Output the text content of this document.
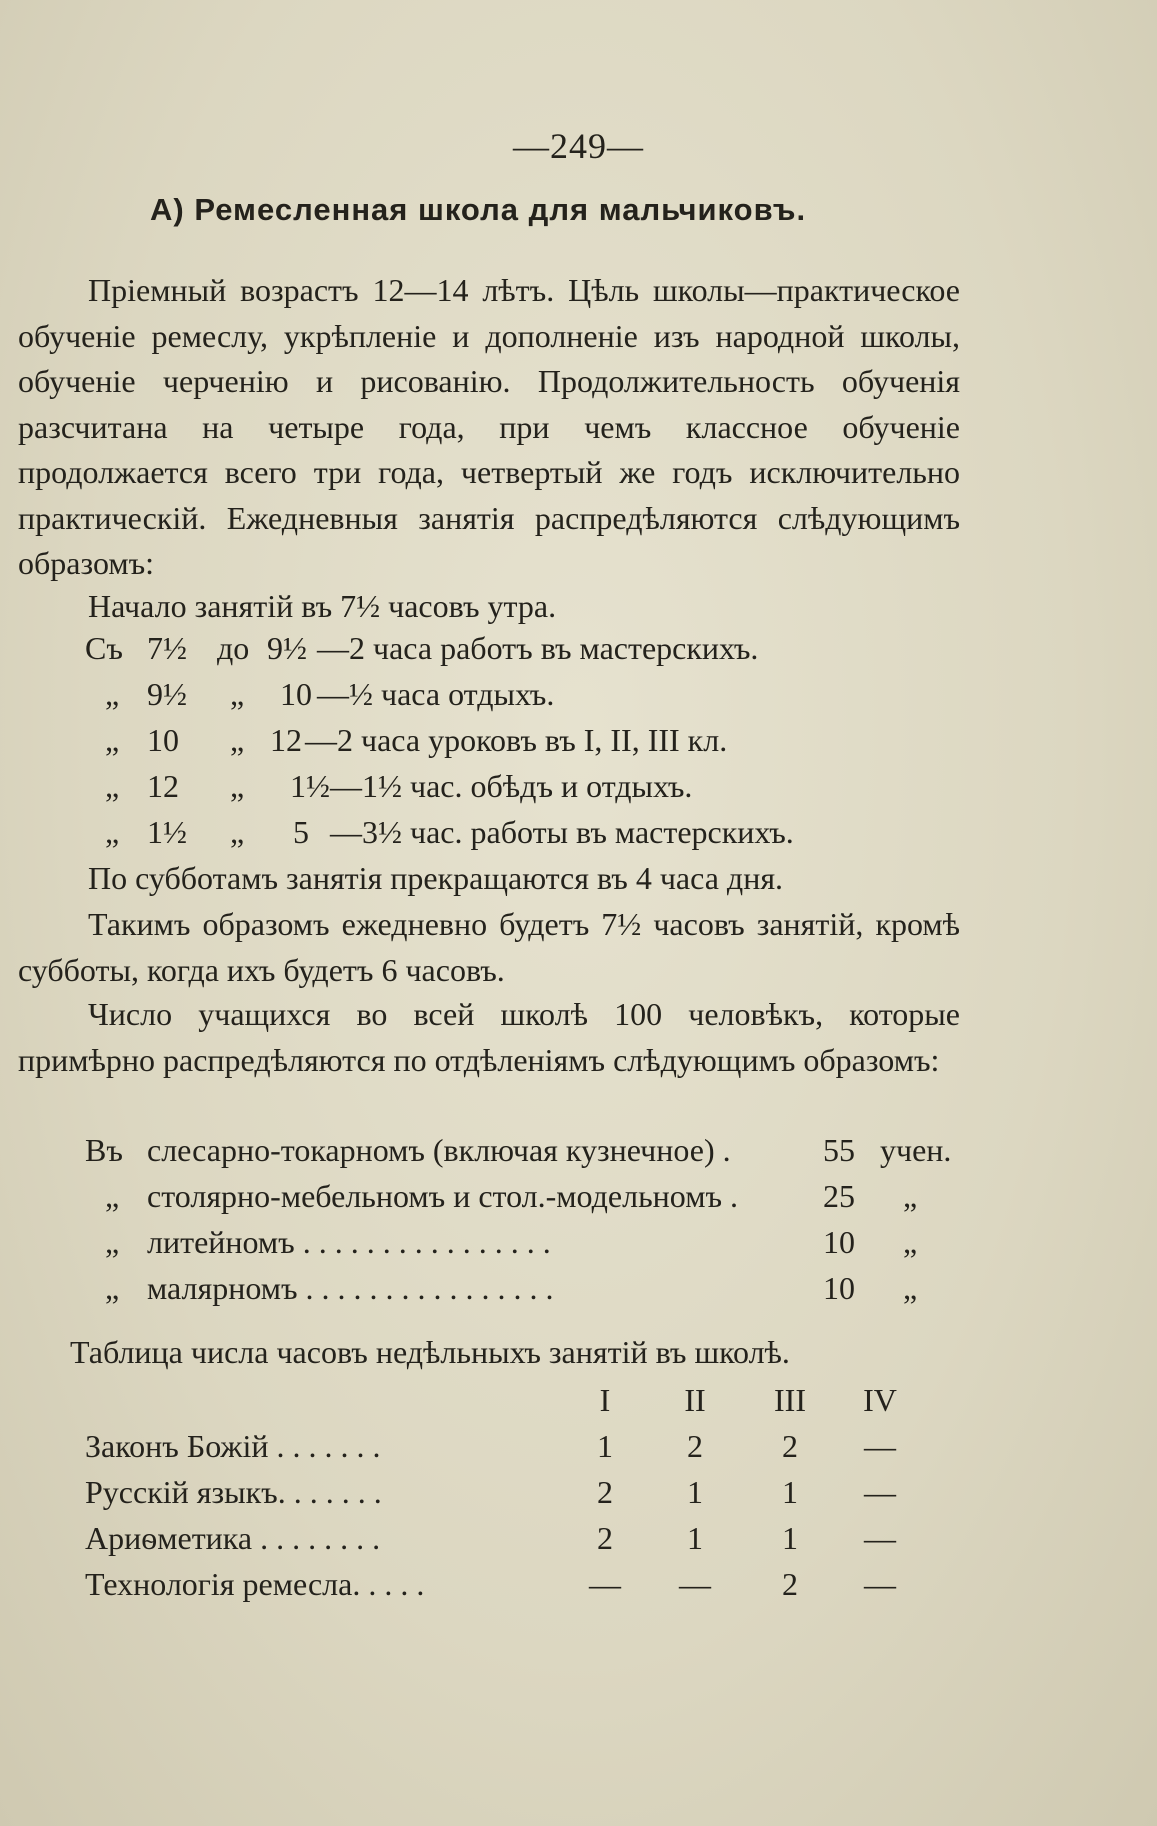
—249—
А) Ремесленная школа для мальчиковъ.
Пріемный возрастъ 12—14 лѣтъ. Цѣль школы—практическое обученіе ремеслу, укрѣпленіе и дополненіе изъ народной школы, обученіе черченію и рисованію. Продолжительность обученія разсчитана на четыре года, при чемъ классное обученіе продолжается всего три года, четвертый же годъ исключительно практическій. Ежедневныя занятія распредѣляются слѣдующимъ образомъ:
Начало занятій въ 7½ часовъ утра.
Съ 7½ до 9½ —2 часа работъ въ мастерскихъ.
„ 9½ „ 10 —½ часа отдыхъ.
„ 10 „ 12 —2 часа уроковъ въ I, II, III кл.
„ 12 „ 1½ —1½ час. обѣдъ и отдыхъ.
„ 1½ „ 5 —3½ час. работы въ мастерскихъ.
По субботамъ занятія прекращаются въ 4 часа дня.
Такимъ образомъ ежедневно будетъ 7½ часовъ занятій, кромѣ субботы, когда ихъ будетъ 6 часовъ.
Число учащихся во всей школѣ 100 человѣкъ, которые примѣрно распредѣляются по отдѣленіямъ слѣдующимъ образомъ:
Въ слесарно-токарномъ (включая кузнечное) .	55 учен.
„ столярно-мебельномъ и стол.-модельномъ .	25 „
„ литейномъ . . . . . . . . . . . . . . . .	10 „
„ малярномъ . . . . . . . . . . . . . . . .	10 „
Таблица числа часовъ недѣльныхъ занятій въ школѣ.
I	II	III	IV
Законъ Божій . . . . . . .	1	2	2	—
Русскій языкъ. . . . . . .	2	1	1	—
Ариѳметика . . . . . . . .	2	1	1	—
Технологія ремесла. . . . .	— —	2	—
